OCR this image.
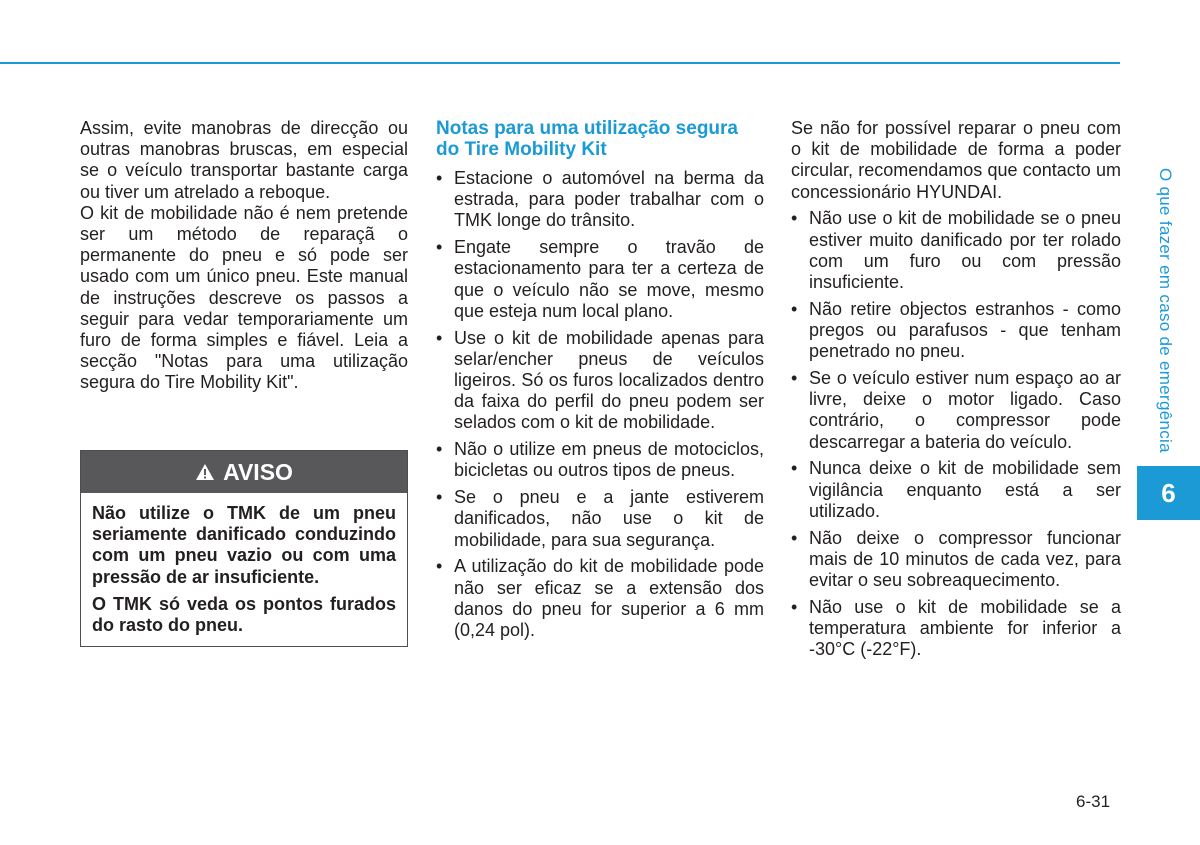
Assim, evite manobras de direcção ou outras manobras bruscas, em especial se o veículo transportar bastante carga ou tiver um atrelado a reboque.

O kit de mobilidade não é nem pretende ser um método de reparaçã o permanente do pneu e só pode ser usado com um único pneu. Este manual de instruções descreve os passos a seguir para vedar temporariamente um furo de forma simples e fiável. Leia a secção "Notas para uma utilização segura do Tire Mobility Kit".

AVISO

Não utilize o TMK de um pneu seriamente danificado conduzindo com um pneu vazio ou com uma pressão de ar insuficiente.

O TMK só veda os pontos furados do rasto do pneu.

Notas para uma utilização segura do Tire Mobility Kit
• Estacione o automóvel na berma da estrada, para poder trabalhar com o TMK longe do trânsito.
• Engate sempre o travão de estacionamento para ter a certeza de que o veículo não se move, mesmo que esteja num local plano.
• Use o kit de mobilidade apenas para selar/encher pneus de veículos ligeiros. Só os furos localizados dentro da faixa do perfil do pneu podem ser selados com o kit de mobilidade.
• Não o utilize em pneus de motociclos, bicicletas ou outros tipos de pneus.
• Se o pneu e a jante estiverem danificados, não use o kit de mobilidade, para sua segurança.
• A utilização do kit de mobilidade pode não ser eficaz se a extensão dos danos do pneu for superior a 6 mm (0,24 pol).

Se não for possível reparar o pneu com o kit de mobilidade de forma a poder circular, recomendamos que contacto um concessionário HYUNDAI.

• Não use o kit de mobilidade se o pneu estiver muito danificado por ter rolado com um furo ou com pressão insuficiente.
• Não retire objectos estranhos - como pregos ou parafusos - que tenham penetrado no pneu.
• Se o veículo estiver num espaço ao ar livre, deixe o motor ligado. Caso contrário, o compressor pode descarregar a bateria do veículo.
• Nunca deixe o kit de mobilidade sem vigilância enquanto está a ser utilizado.
• Não deixe o compressor funcionar mais de 10 minutos de cada vez, para evitar o seu sobreaquecimento.
• Não use o kit de mobilidade se a temperatura ambiente for inferior a -30°C (-22°F).
O que fazer em caso de emergência
6
6-31
